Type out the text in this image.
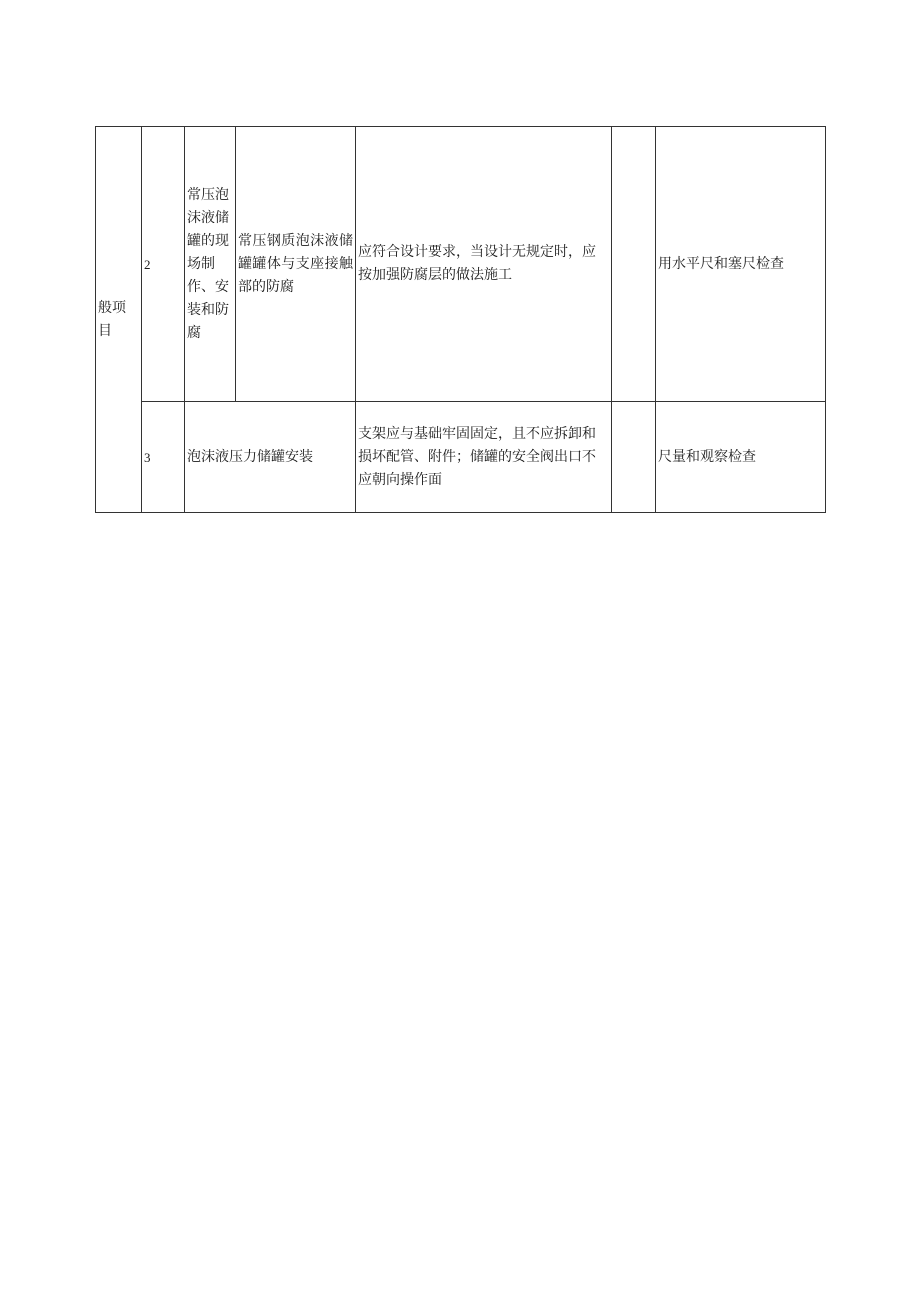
般项目	2	常压泡沫液储罐的现场制作、安装和防腐	常压钢质泡沫液储罐罐体与支座接触部的防腐	应符合设计要求，当设计无规定时，应按加强防腐层的做法施工		用水平尺和塞尺检查
	3	泡沫液压力储罐安装		支架应与基础牢固固定，且不应拆卸和损坏配管、附件；储罐的安全阀出口不应朝向操作面		尺量和观察检查
